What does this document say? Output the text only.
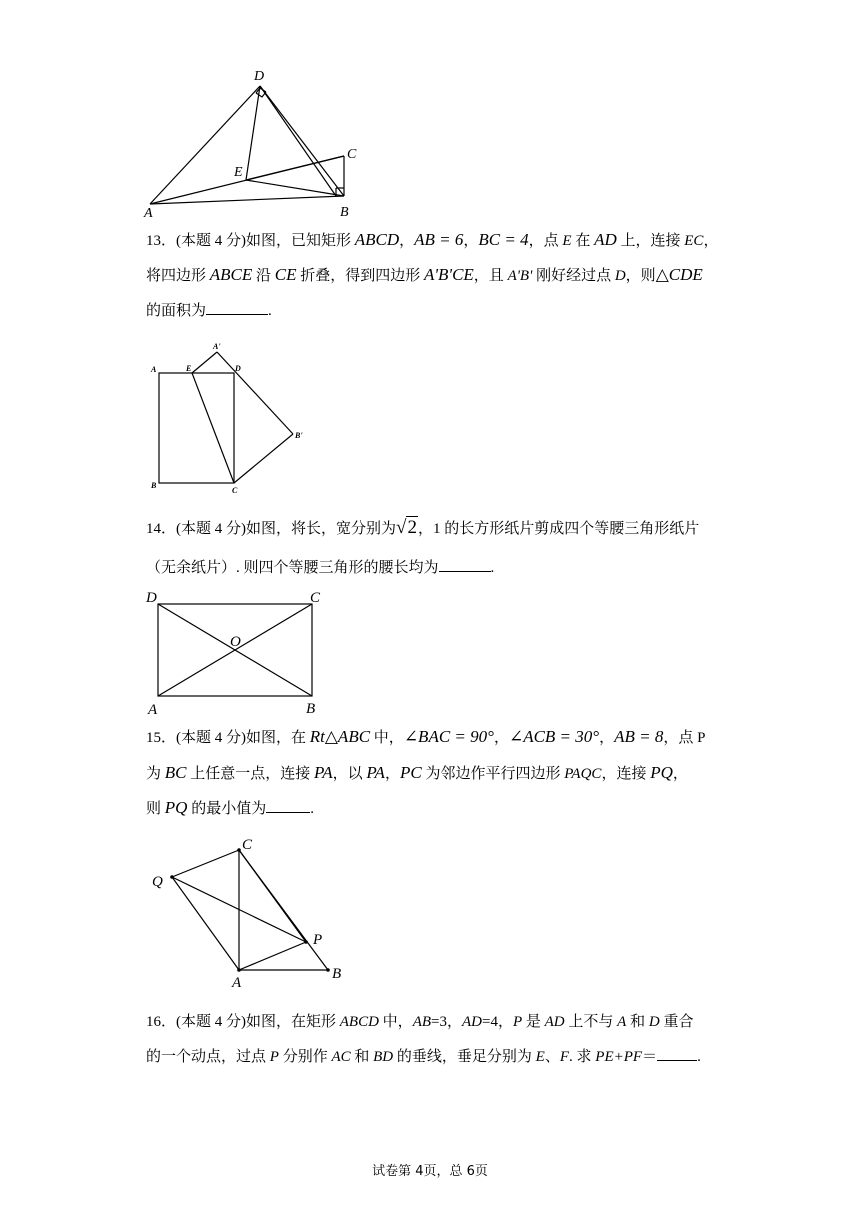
D
C
E
A	B
13．(本题 4 分)如图，已知矩形 ABCD，AB = 6，BC = 4，点 E 在 AD 上，连接 EC，
将四边形 ABCE 沿 CE 折叠，得到四边形 A'B'CE，且 A'B' 刚好经过点 D，则△CDE
的面积为	.
A'
A	E	D
B'
B
C
14．(本题 4 分)如图，将长，宽分别为√2，1 的长方形纸片剪成四个等腰三角形纸片
（无余纸片）. 则四个等腰三角形的腰长均为	.
D	C
O
A	B
15．(本题 4 分)如图，在 Rt△ABC 中，∠BAC = 90°，∠ACB = 30°，AB = 8，点 P
为 BC 上任意一点，连接 PA，以 PA，PC 为邻边作平行四边形 PAQC，连接 PQ，
则 PQ 的最小值为	.
C
Q
P
A
B
16．(本题 4 分)如图，在矩形 ABCD 中，AB=3，AD=4，P 是 AD 上不与 A 和 D 重合
的一个动点，过点 P 分别作 AC 和 BD 的垂线，垂足分别为 E、F. 求 PE+PF＝	.
试卷第 4页，总 6页
